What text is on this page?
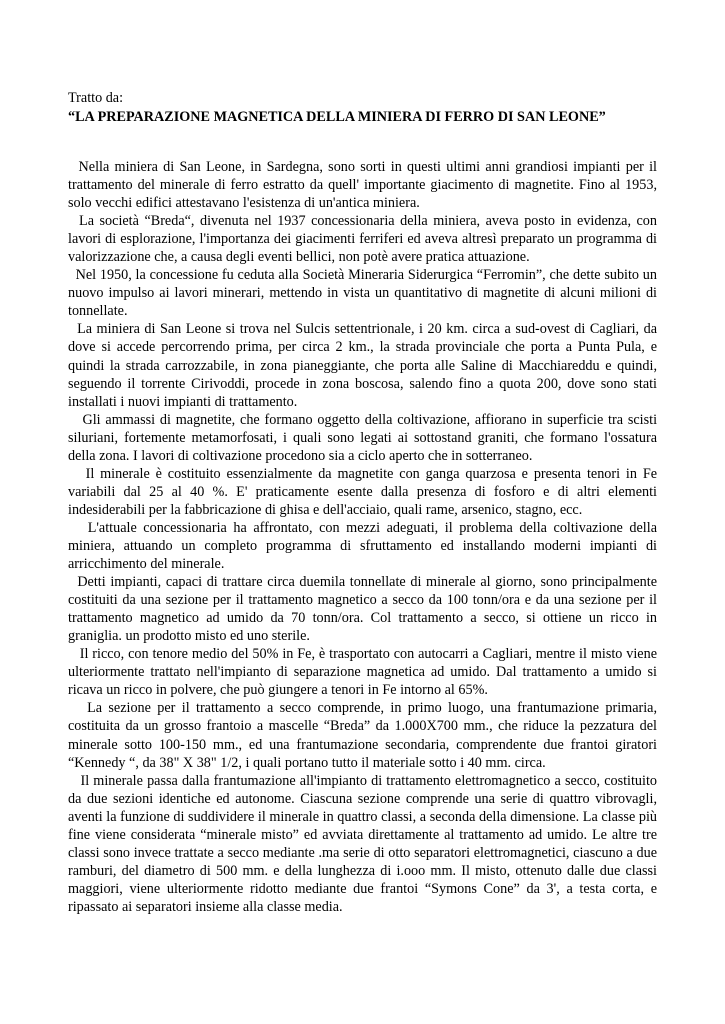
Tratto da:
“LA PREPARAZIONE MAGNETICA DELLA MINIERA DI FERRO DI SAN LEONE”

Nella miniera di San Leone, in Sardegna, sono sorti in questi ultimi anni grandiosi impianti per il trattamento del minerale di ferro estratto da quell' importante giacimento di magnetite. Fino al 1953, solo vecchi edifici attestavano l'esistenza di un'antica miniera.

La società “Breda“, divenuta nel 1937 concessionaria della miniera, aveva posto in evidenza, con lavori di esplorazione, l'importanza dei giacimenti ferriferi ed aveva altresì preparato un programma di valorizzazione che, a causa degli eventi bellici, non potè avere pratica attuazione.

Nel 1950, la concessione fu ceduta alla Società Mineraria Siderurgica “Ferromin”, che dette subito un nuovo impulso ai lavori minerari, mettendo in vista un quantitativo di magnetite di alcuni milioni di tonnellate.

La miniera di San Leone si trova nel Sulcis settentrionale, i 20 km. circa a sud-ovest di Cagliari, da dove si accede percorrendo prima, per circa 2 km., la strada provinciale che porta a Punta Pula, e quindi la strada carrozzabile, in zona pianeggiante, che porta alle Saline di Macchiareddu e quindi, seguendo il torrente Cirivoddi, procede in zona boscosa, salendo fino a quota 200, dove sono stati installati i nuovi impianti di trattamento.

Gli ammassi di magnetite, che formano oggetto della coltivazione, affiorano in superficie tra scisti siluriani, fortemente metamorfosati, i quali sono legati ai sottostand graniti, che formano l'ossatura della zona. I lavori di coltivazione procedono sia a ciclo aperto che in sotterraneo.

Il minerale è costituito essenzialmente da magnetite con ganga quarzosa e presenta tenori in Fe variabili dal 25 al 40 %. E' praticamente esente dalla presenza di fosforo e di altri elementi indesiderabili per la fabbricazione di ghisa e dell'acciaio, quali rame, arsenico, stagno, ecc.

L'attuale concessionaria ha affrontato, con mezzi adeguati, il problema della coltivazione della miniera, attuando un completo programma di sfruttamento ed installando moderni impianti di arricchimento del minerale.

Detti impianti, capaci di trattare circa duemila tonnellate di minerale al giorno, sono principalmente costituiti da una sezione per il trattamento magnetico a secco da 100 tonn/ora e da una sezione per il trattamento magnetico ad umido da 70 tonn/ora. Col trattamento a secco, si ottiene un ricco in graniglia. un prodotto misto ed uno sterile.

Il ricco, con tenore medio del 50% in Fe, è trasportato con autocarri a Cagliari, mentre il misto viene ulteriormente trattato nell'impianto di separazione magnetica ad umido. Dal trattamento a umido si ricava un ricco in polvere, che può giungere a tenori in Fe intorno al 65%.

La sezione per il trattamento a secco comprende, in primo luogo, una frantumazione primaria, costituita da un grosso frantoio a mascelle “Breda” da 1.000X700 mm., che riduce la pezzatura del minerale sotto 100-150 mm., ed una frantumazione secondaria, comprendente due frantoi giratori “Kennedy “, da 38" X 38" 1/2, i quali portano tutto il materiale sotto i 40 mm. circa.

Il minerale passa dalla frantumazione all'impianto di trattamento elettromagnetico a secco, costituito da due sezioni identiche ed autonome. Ciascuna sezione comprende una serie di quattro vibrovagli, aventi la funzione di suddividere il minerale in quattro classi, a seconda della dimensione. La classe più fine viene considerata “minerale misto” ed avviata direttamente al trattamento ad umido. Le altre tre classi sono invece trattate a secco mediante .ma serie di otto separatori elettromagnetici, ciascuno a due ramburi, del diametro di 500 mm. e della lunghezza di i.ooo mm. Il misto, ottenuto dalle due classi maggiori, viene ulteriormente ridotto mediante due frantoi “Symons Cone” da 3', a testa corta, e ripassato ai separatori insieme alla classe media.
